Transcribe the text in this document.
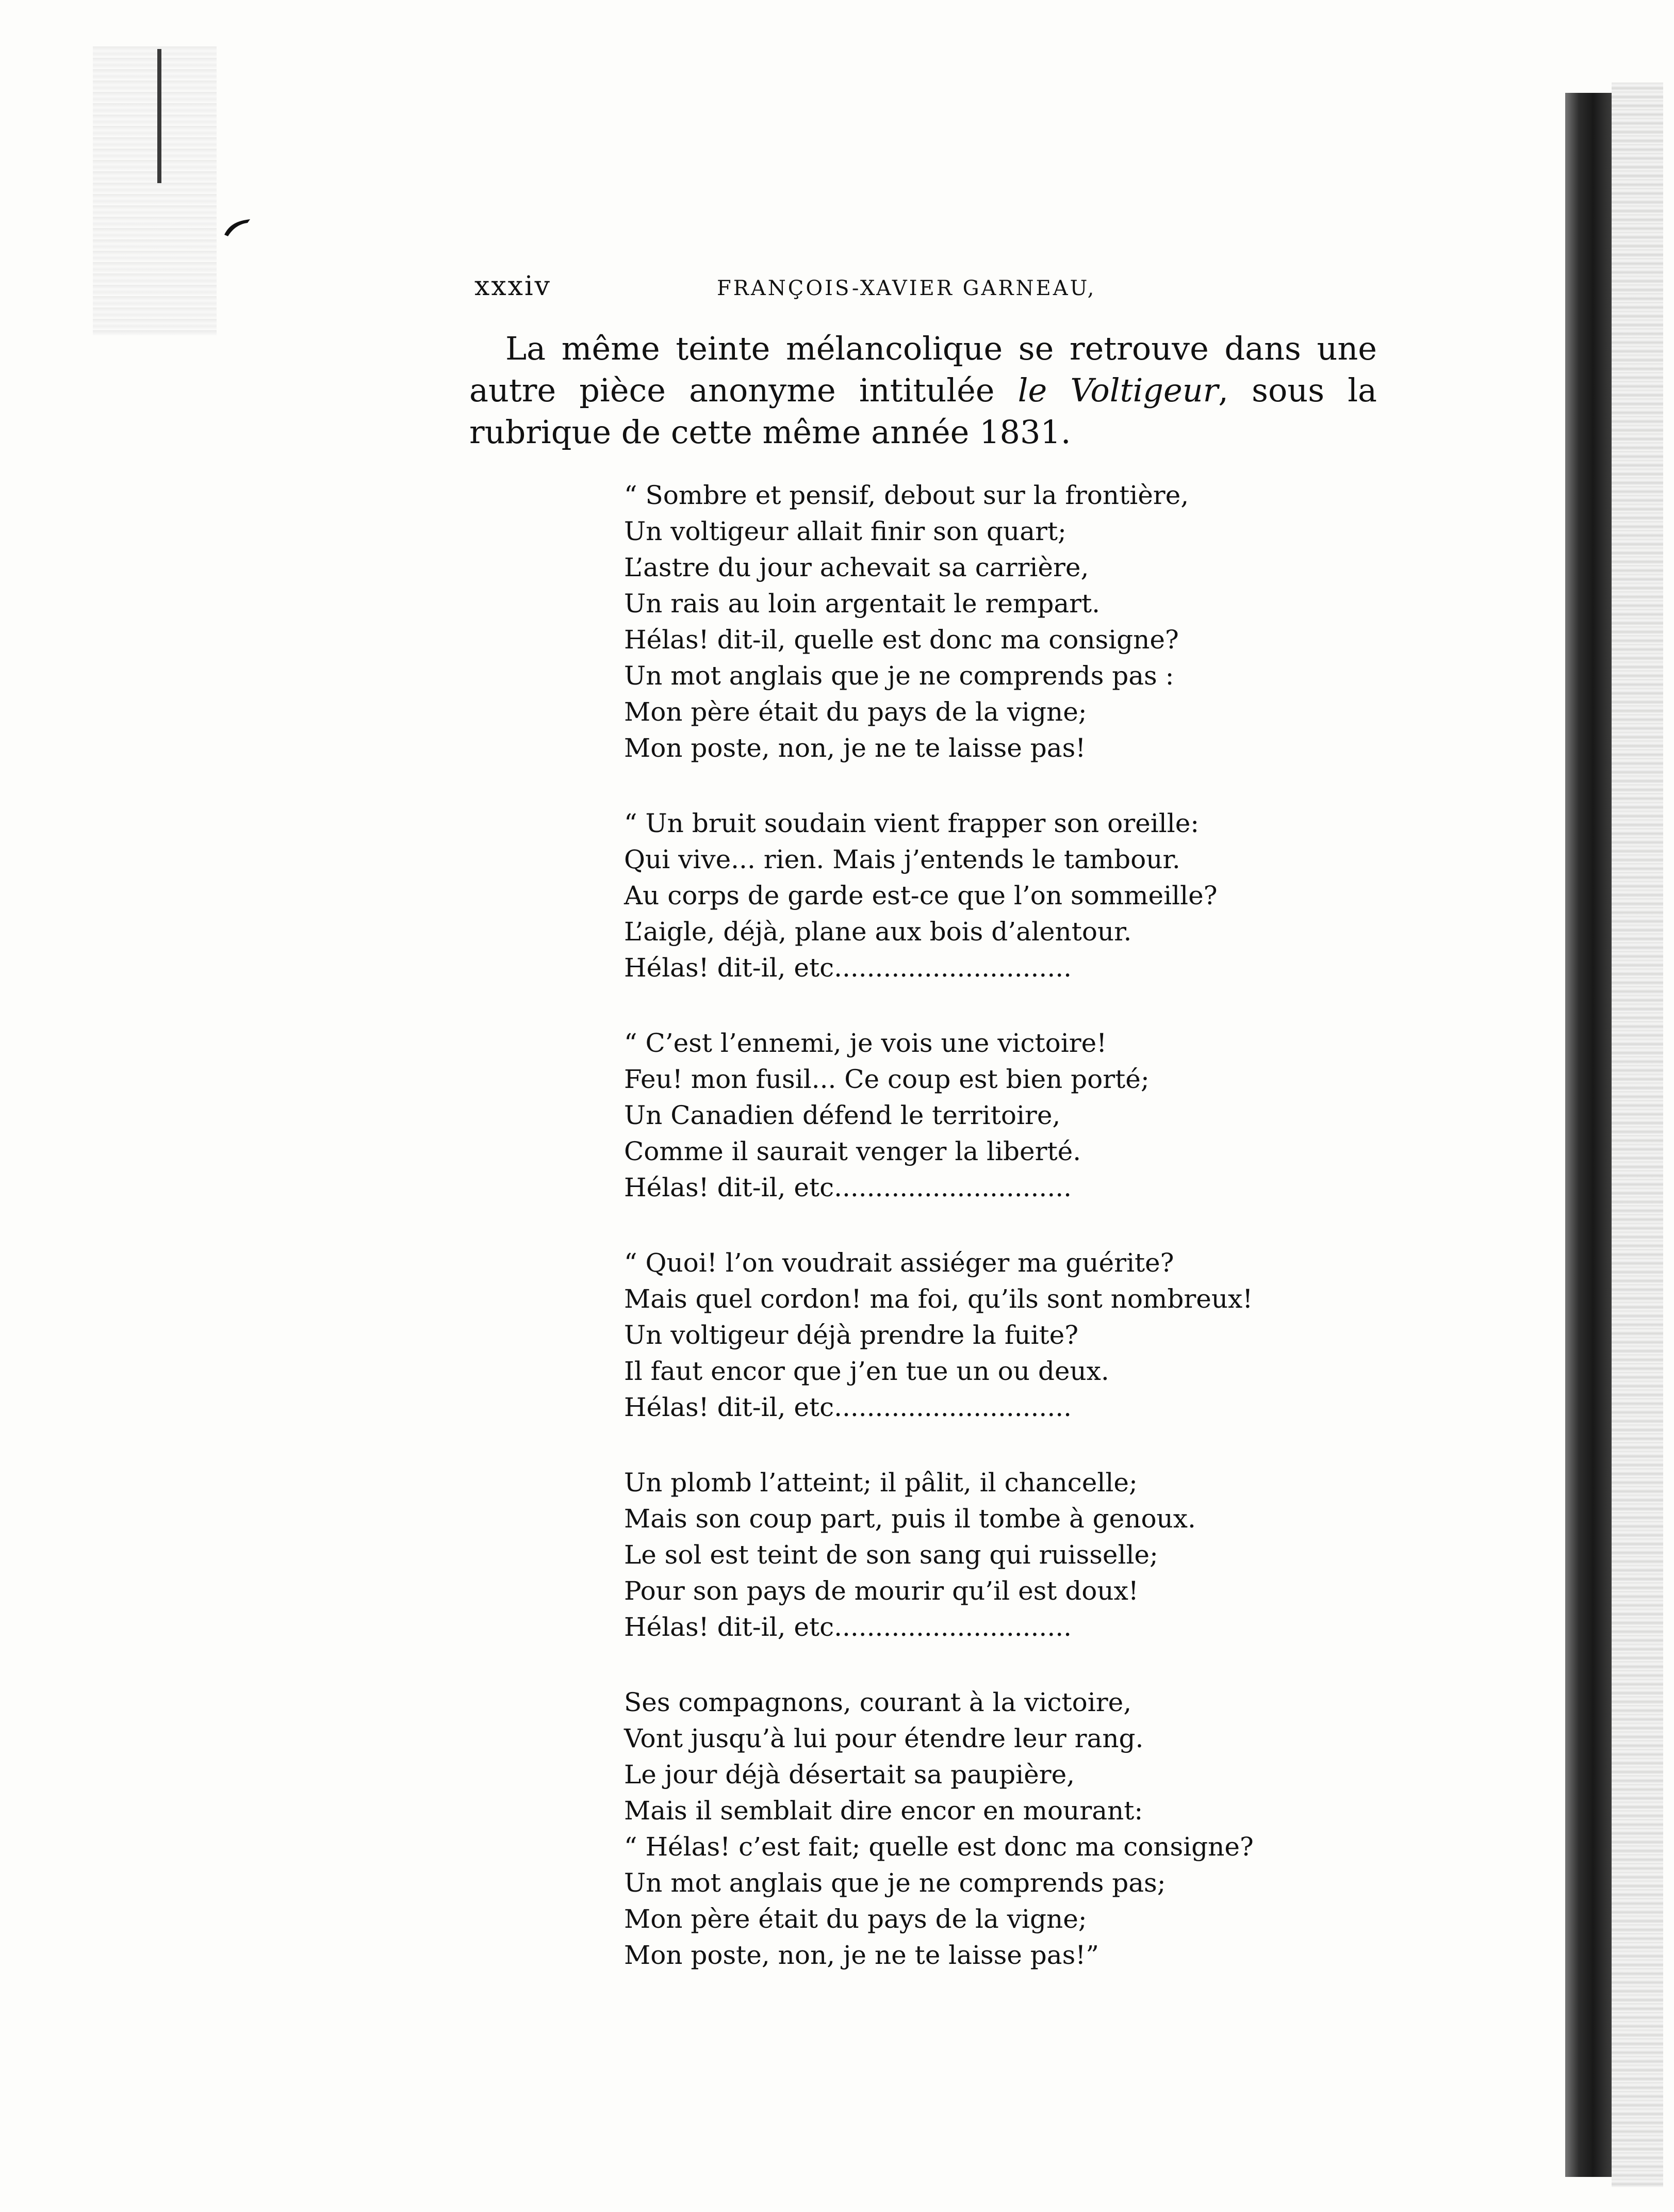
xxxiv	FRANÇOIS-XAVIER GARNEAU,

La même teinte mélancolique se retrouve dans une autre pièce anonyme intitulée le Voltigeur, sous la rubrique de cette même année 1831.

“ Sombre et pensif, debout sur la frontière,
Un voltigeur allait finir son quart;
L’astre du jour achevait sa carrière,
Un rais au loin argentait le rempart.
Hélas! dit-il, quelle est donc ma consigne?
Un mot anglais que je ne comprends pas :
Mon père était du pays de la vigne;
Mon poste, non, je ne te laisse pas!
“ Un bruit soudain vient frapper son oreille:
Qui vive... rien. Mais j’entends le tambour.
Au corps de garde est-ce que l’on sommeille?
L’aigle, déjà, plane aux bois d’alentour.
Hélas! dit-il, etc.............................
“ C’est l’ennemi, je vois une victoire!
Feu! mon fusil... Ce coup est bien porté;
Un Canadien défend le territoire,
Comme il saurait venger la liberté.
Hélas! dit-il, etc.............................
“ Quoi! l’on voudrait assiéger ma guérite?
Mais quel cordon! ma foi, qu’ils sont nombreux!
Un voltigeur déjà prendre la fuite?
Il faut encor que j’en tue un ou deux.
Hélas! dit-il, etc.............................
Un plomb l’atteint; il pâlit, il chancelle;
Mais son coup part, puis il tombe à genoux.
Le sol est teint de son sang qui ruisselle;
Pour son pays de mourir qu’il est doux!
Hélas! dit-il, etc.............................
Ses compagnons, courant à la victoire,
Vont jusqu’à lui pour étendre leur rang.
Le jour déjà désertait sa paupière,
Mais il semblait dire encor en mourant:
“ Hélas! c’est fait; quelle est donc ma consigne?
Un mot anglais que je ne comprends pas;
Mon père était du pays de la vigne;
Mon poste, non, je ne te laisse pas!”
